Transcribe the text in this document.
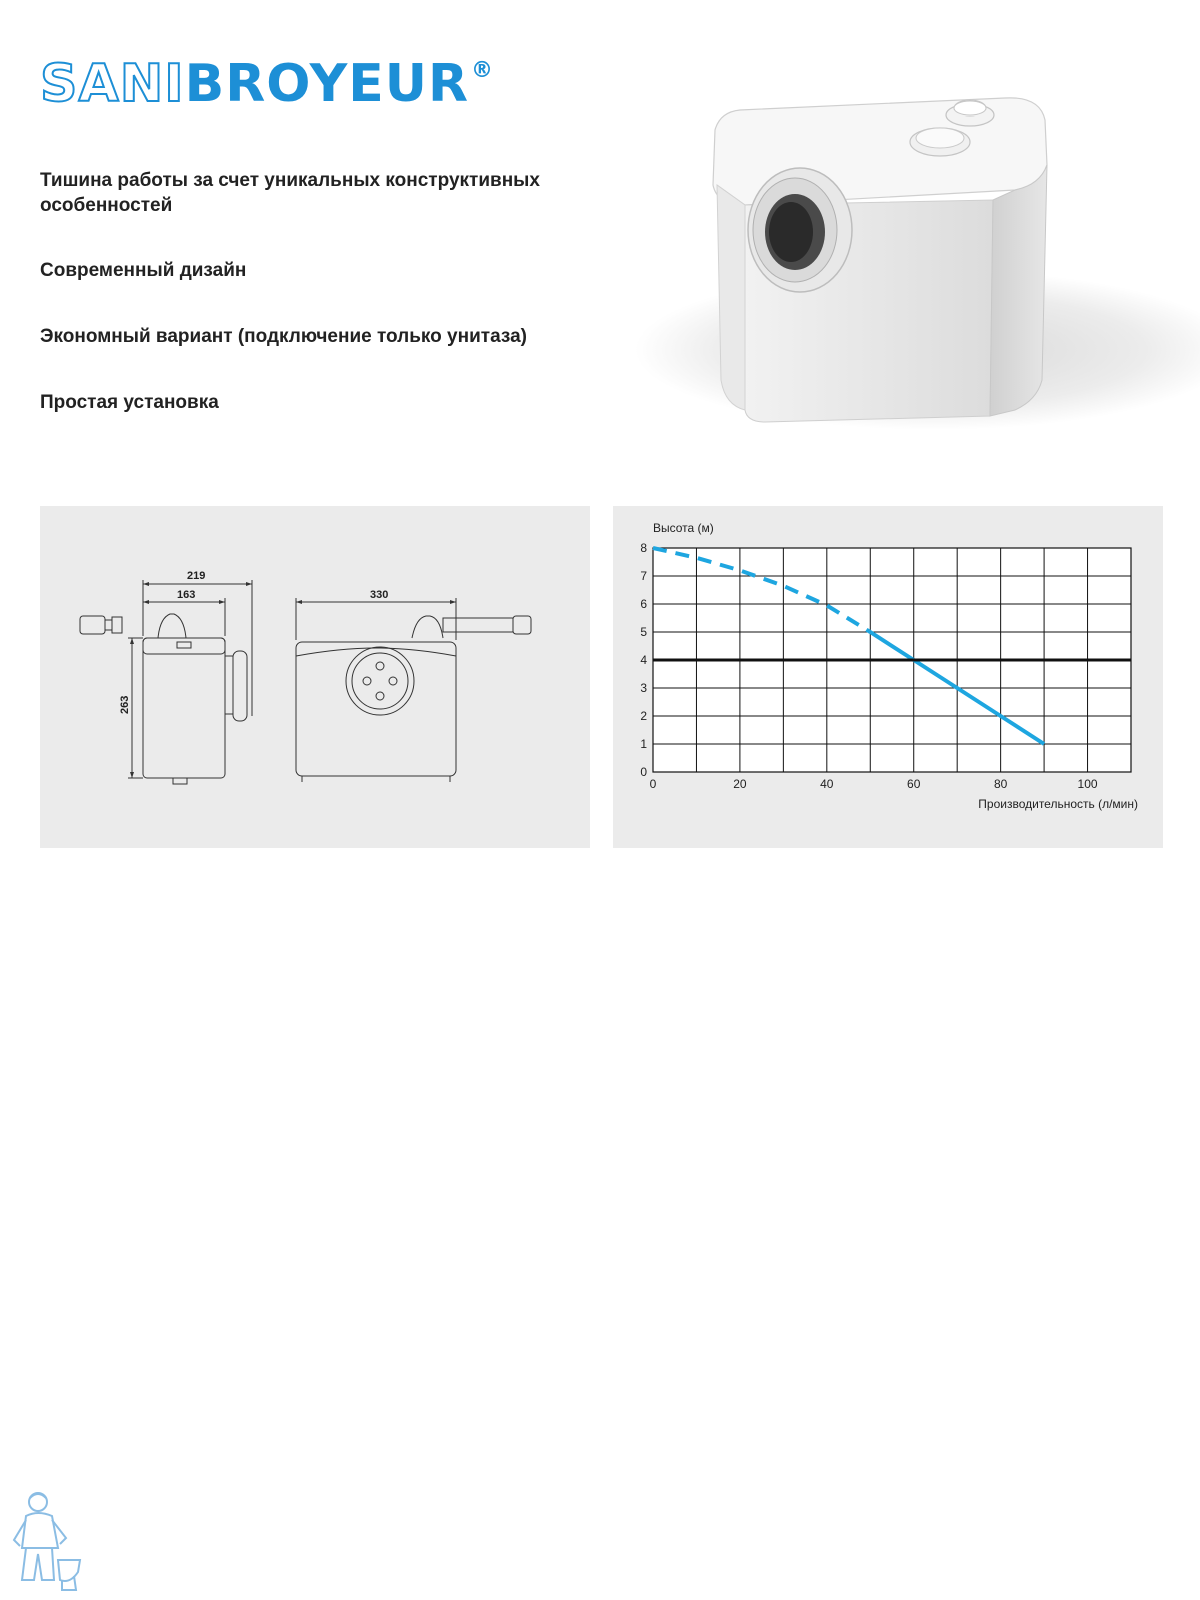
SANIBROYEUR®
Тишина работы за счет уникальных конструктивных особенностей
Современный дизайн
Экономный вариант (подключение только унитаза)
Простая установка
219
163	330
263
0	20	40	60	80	100
0
1
2
3
4
5
6
7
8
Высота (м)
Производительность (л/мин)
